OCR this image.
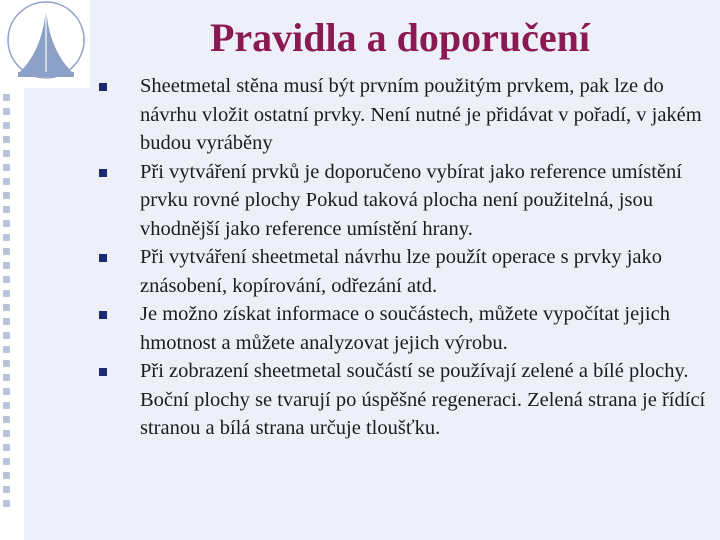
Pravidla a doporučení
Sheetmetal stěna musí být prvním použitým prvkem, pak lze do návrhu vložit ostatní prvky. Není nutné je přidávat v pořadí, v jakém budou vyráběny
Při vytváření prvků je doporučeno vybírat jako reference umístění prvku rovné plochy Pokud taková plocha není použitelná, jsou vhodnější jako reference umístění hrany.
Při vytváření sheetmetal návrhu lze použít operace s prvky jako znásobení, kopírování, odřezání atd.
Je možno získat informace o součástech, můžete vypočítat jejich hmotnost a můžete analyzovat jejich výrobu.
Při zobrazení sheetmetal součástí se používají zelené a bílé plochy. Boční plochy se tvarují po úspěšné regeneraci. Zelená strana je řídící stranou a bílá strana určuje tloušťku.
